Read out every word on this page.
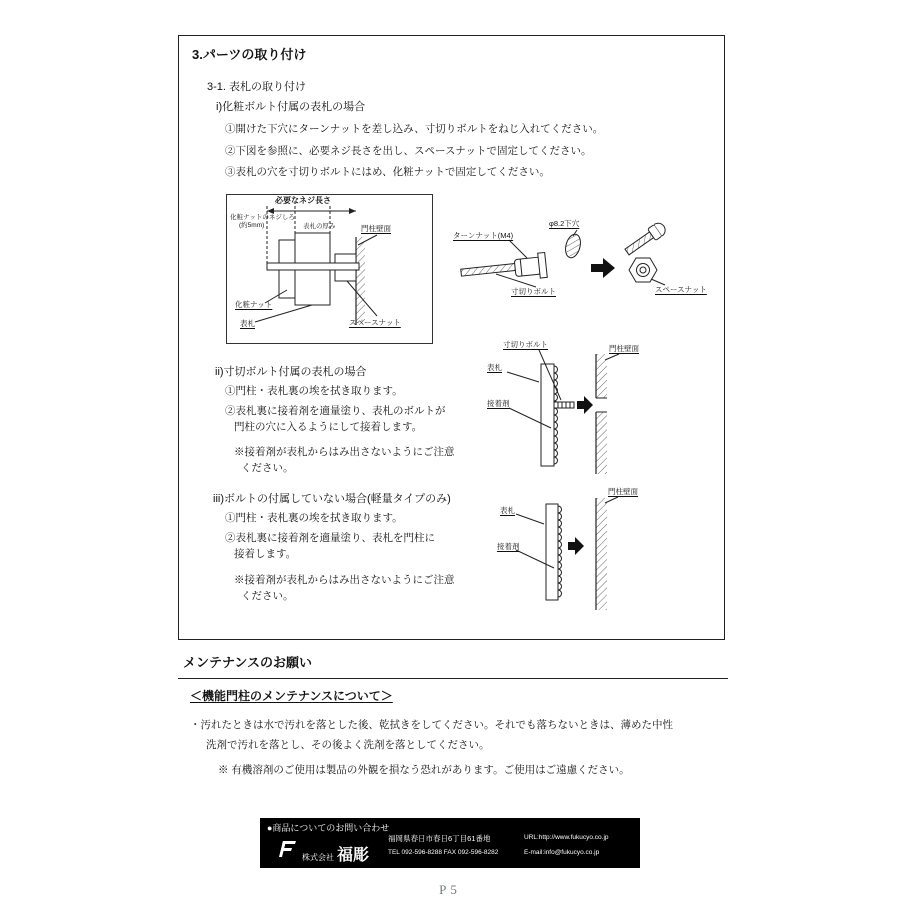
3.パーツの取り付け
3-1. 表札の取り付け
i)化粧ボルト付属の表札の場合
①開けた下穴にターンナットを差し込み、寸切りボルトをねじ入れてください。
②下図を参照に、必要ネジ長さを出し、スペースナットで固定してください。
③表札の穴を寸切りボルトにはめ、化粧ナットで固定してください。
必要なネジ長さ
化粧ナットのネジしろ
(約5mm)	表札の厚み	門柱壁面
化粧ナット
表札	スペースナット
ターンナット(M4)
φ8.2下穴
寸切りボルト	スペースナット
ii)寸切ボルト付属の表札の場合
①門柱・表札裏の埃を拭き取ります。
②表札裏に接着剤を適量塗り、表札のボルトが
門柱の穴に入るようにして接着します。
※接着剤が表札からはみ出さないようにご注意
ください。
寸切りボルト
表札
接着剤
門柱壁面
iii)ボルトの付属していない場合(軽量タイプのみ)
①門柱・表札裏の埃を拭き取ります。
②表札裏に接着剤を適量塗り、表札を門柱に
接着します。
※接着剤が表札からはみ出さないようにご注意
ください。
門柱壁面
表札
接着剤
メンテナンスのお願い
＜機能門柱のメンテナンスについて＞
・汚れたときは水で汚れを落とした後、乾拭きをしてください。それでも落ちないときは、薄めた中性
洗剤で汚れを落とし、その後よく洗剤を落としてください。
※ 有機溶剤のご使用は製品の外観を損なう恐れがあります。ご使用はご遠慮ください。
●商品についてのお問い合わせ
株式会社 福彫
福岡県春日市春日6丁目61番地
TEL 092-596-8288 FAX 092-596-8282
URL:http://www.fukucyo.co.jp
E-mail:info@fukucyo.co.jp
P5
